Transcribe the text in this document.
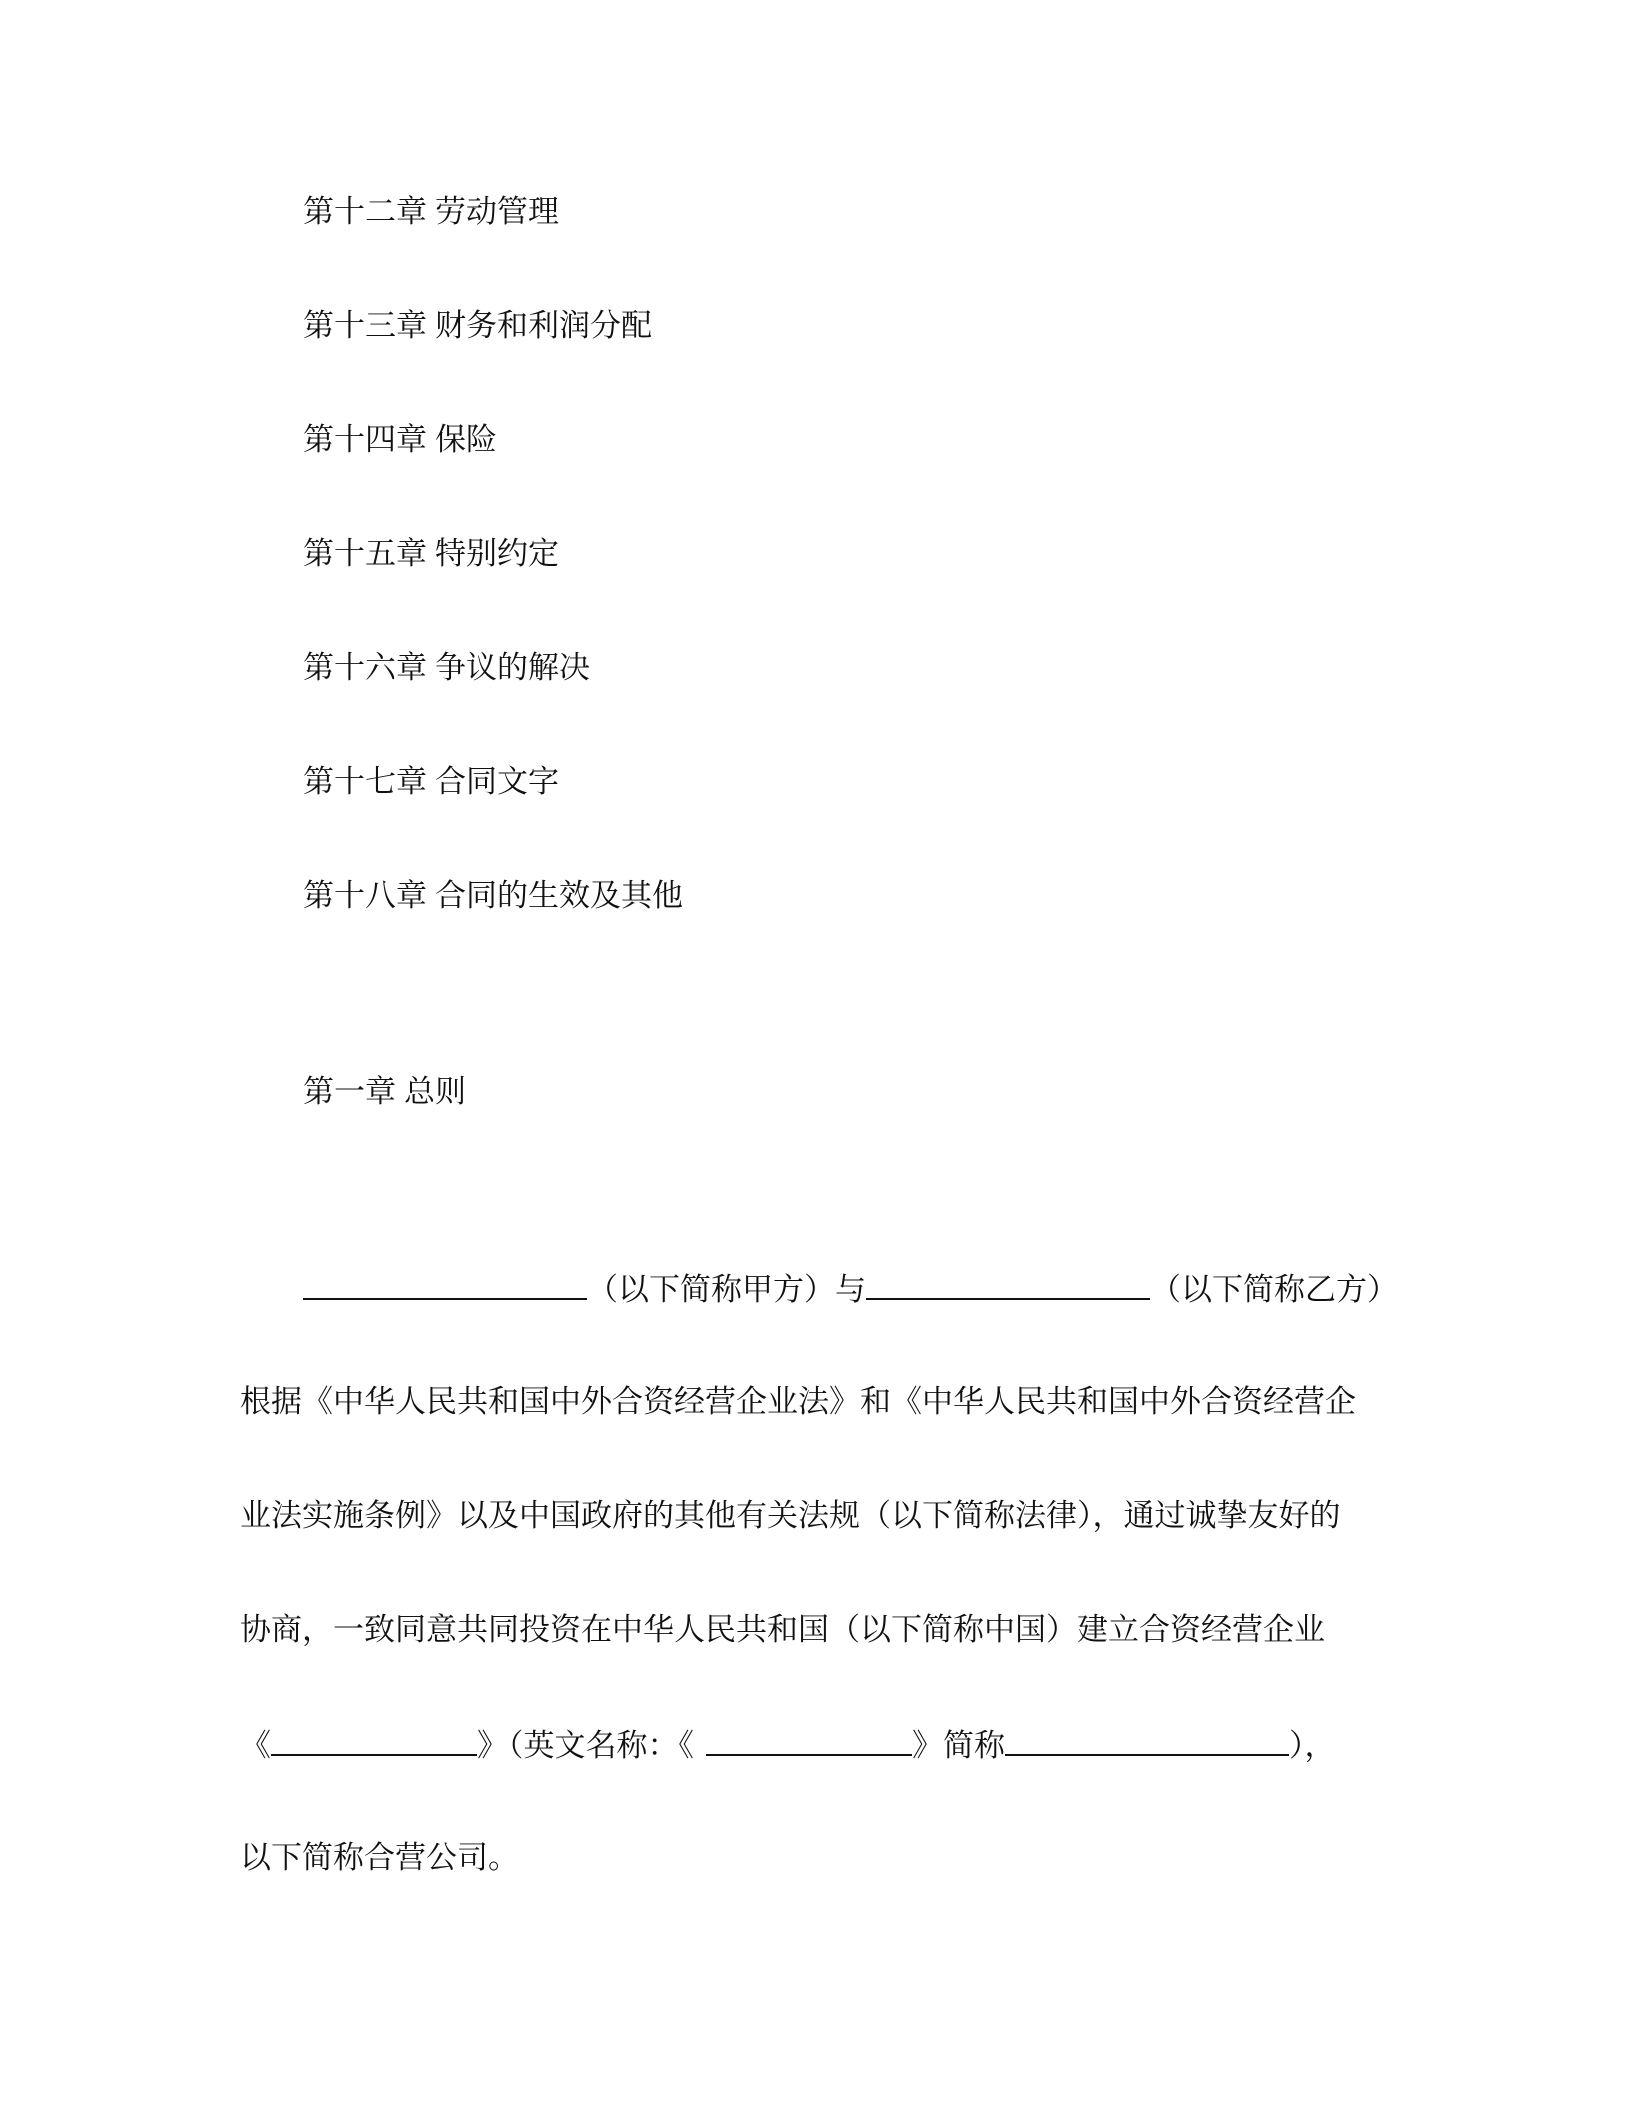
第十二章 劳动管理
第十三章 财务和利润分配
第十四章 保险
第十五章 特别约定
第十六章 争议的解决
第十七章 合同文字
第十八章 合同的生效及其他
第一章 总则
（以下简称甲方）与	（以下简称乙方）
根据《中华人民共和国中外合资经营企业法》和《中华人民共和国中外合资经营企
业法实施条例》以及中国政府的其他有关法规（以下简称法律），通过诚挚友好的
协商，一致同意共同投资在中华人民共和国（以下简称中国）建立合资经营企业
《	》（英文名称：《	》简称	），
以下简称合营公司。
